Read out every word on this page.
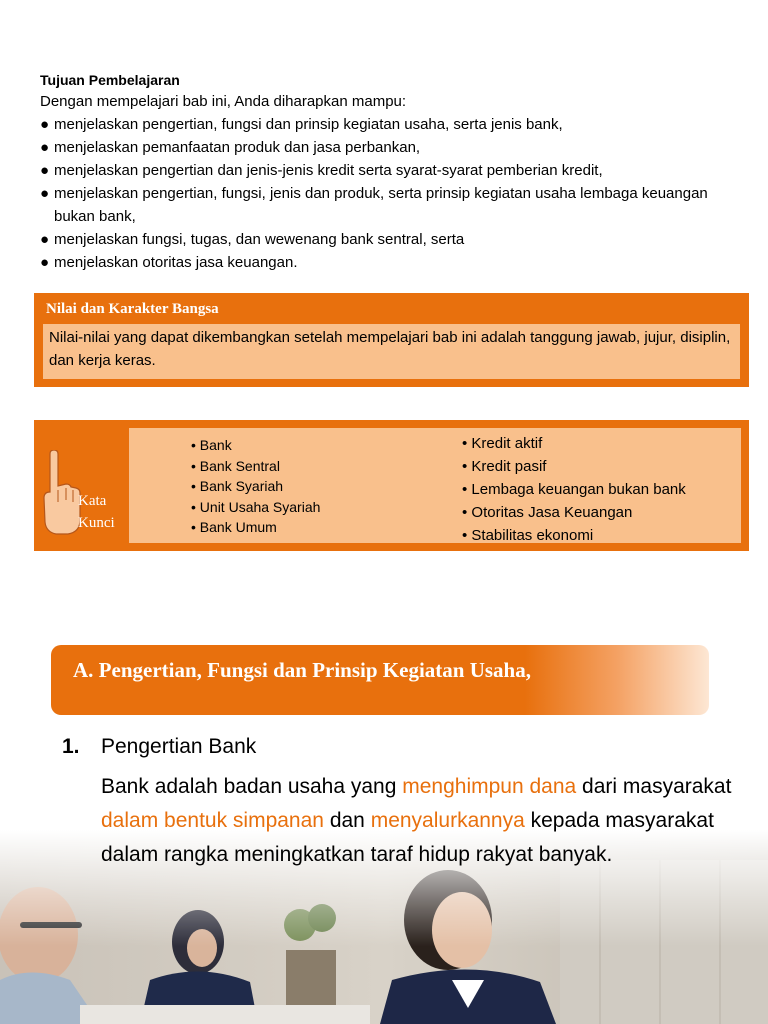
Tujuan Pembelajaran
Dengan mempelajari bab ini, Anda diharapkan mampu:
● menjelaskan pengertian, fungsi dan prinsip kegiatan usaha, serta jenis bank,
● menjelaskan pemanfaatan produk dan jasa perbankan,
● menjelaskan pengertian dan jenis-jenis kredit serta syarat-syarat pemberian kredit,
● menjelaskan pengertian, fungsi, jenis dan produk, serta prinsip kegiatan usaha lembaga keuangan bukan bank,
● menjelaskan fungsi, tugas, dan wewenang bank sentral, serta
● menjelaskan otoritas jasa keuangan.
Nilai dan Karakter Bangsa
Nilai-nilai yang dapat dikembangkan setelah mempelajari bab ini adalah tanggung jawab, jujur, disiplin, dan kerja keras.
Kata
Kunci
• Bank
• Bank Sentral
• Bank Syariah
• Unit Usaha Syariah
• Bank Umum
• Kredit aktif
• Kredit pasif
• Lembaga keuangan bukan bank
• Otoritas Jasa Keuangan
• Stabilitas ekonomi
A. Pengertian, Fungsi dan Prinsip Kegiatan Usaha,
1. Pengertian Bank
Bank adalah badan usaha yang menghimpun dana dari masyarakat dalam bentuk simpanan dan menyalurkannya kepada masyarakat dalam rangka meningkatkan taraf hidup rakyat banyak.
